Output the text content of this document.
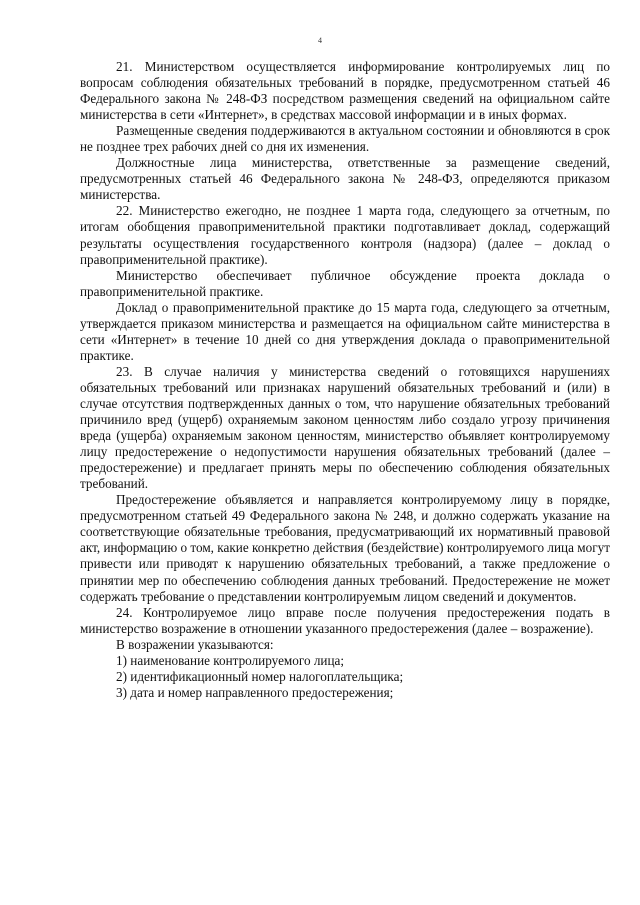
4

21. Министерством осуществляется информирование контролируемых лиц по вопросам соблюдения обязательных требований в порядке, предусмотренном статьей 46 Федерального закона № 248-ФЗ посредством размещения сведений на официальном сайте министерства в сети «Интернет», в средствах массовой информации и в иных формах.

Размещенные сведения поддерживаются в актуальном состоянии и обновляются в срок не позднее трех рабочих дней со дня их изменения.

Должностные лица министерства, ответственные за размещение сведений, предусмотренных статьей 46 Федерального закона № 248-ФЗ, определяются приказом министерства.

22. Министерство ежегодно, не позднее 1 марта года, следующего за отчетным, по итогам обобщения правоприменительной практики подготавливает доклад, содержащий результаты осуществления государственного контроля (надзора) (далее – доклад о правоприменительной практике).

Министерство обеспечивает публичное обсуждение проекта доклада о правоприменительной практике.

Доклад о правоприменительной практике до 15 марта года, следующего за отчетным, утверждается приказом министерства и размещается на официальном сайте министерства в сети «Интернет» в течение 10 дней со дня утверждения доклада о правоприменительной практике.

23. В случае наличия у министерства сведений о готовящихся нарушениях обязательных требований или признаках нарушений обязательных требований и (или) в случае отсутствия подтвержденных данных о том, что нарушение обязательных требований причинило вред (ущерб) охраняемым законом ценностям либо создало угрозу причинения вреда (ущерба) охраняемым законом ценностям, министерство объявляет контролируемому лицу предостережение о недопустимости нарушения обязательных требований (далее – предостережение) и предлагает принять меры по обеспечению соблюдения обязательных требований.

Предостережение объявляется и направляется контролируемому лицу в порядке, предусмотренном статьей 49 Федерального закона № 248, и должно содержать указание на соответствующие обязательные требования, предусматривающий их нормативный правовой акт, информацию о том, какие конкретно действия (бездействие) контролируемого лица могут привести или приводят к нарушению обязательных требований, а также предложение о принятии мер по обеспечению соблюдения данных требований. Предостережение не может содержать требование о представлении контролируемым лицом сведений и документов.

24. Контролируемое лицо вправе после получения предостережения подать в министерство возражение в отношении указанного предостережения (далее – возражение).

В возражении указываются:

1) наименование контролируемого лица;

2) идентификационный номер налогоплательщика;

3) дата и номер направленного предостережения;
